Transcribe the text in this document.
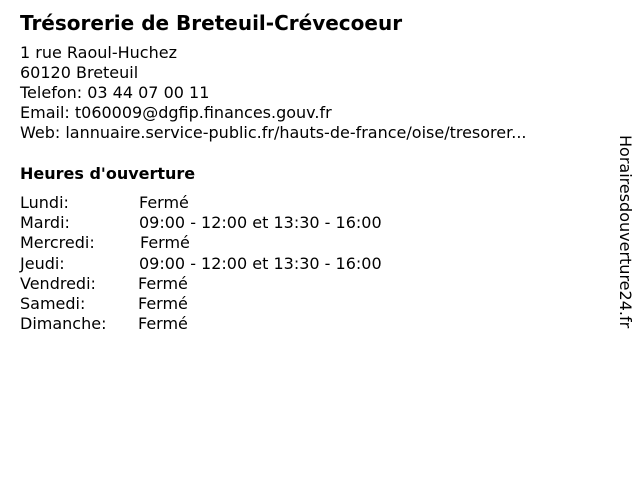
Trésorerie de Breteuil-Crévecoeur
1 rue Raoul-Huchez
60120 Breteuil
Telefon: 03 44 07 00 11
Email: t060009@dgfip.finances.gouv.fr
Web: lannuaire.service-public.fr/hauts-de-france/oise/tresorer...
Heures d'ouverture
Lundi:	Fermé
Mardi:	09:00 - 12:00 et 13:30 - 16:00
Mercredi:	Fermé
Jeudi:	09:00 - 12:00 et 13:30 - 16:00
Vendredi:	Fermé
Samedi:	Fermé
Dimanche: Fermé	Horairesdouverture24.fr
